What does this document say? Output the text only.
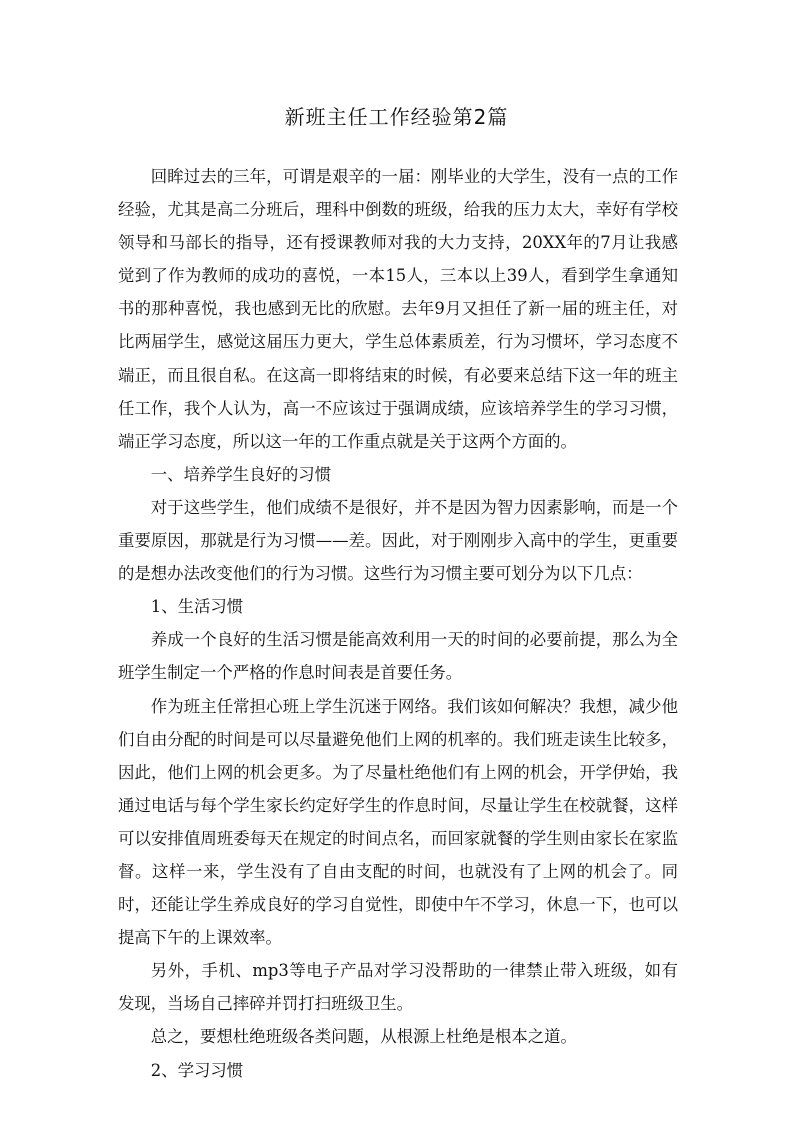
新班主任工作经验第2篇

回眸过去的三年，可谓是艰辛的一届：刚毕业的大学生，没有一点的工作经验，尤其是高二分班后，理科中倒数的班级，给我的压力太大，幸好有学校领导和马部长的指导，还有授课教师对我的大力支持，20XX年的7月让我感觉到了作为教师的成功的喜悦，一本15人，三本以上39人，看到学生拿通知书的那种喜悦，我也感到无比的欣慰。去年9月又担任了新一届的班主任，对比两届学生，感觉这届压力更大，学生总体素质差，行为习惯坏，学习态度不端正，而且很自私。在这高一即将结束的时候，有必要来总结下这一年的班主任工作，我个人认为，高一不应该过于强调成绩，应该培养学生的学习习惯，端正学习态度，所以这一年的工作重点就是关于这两个方面的。

一、培养学生良好的习惯

对于这些学生，他们成绩不是很好，并不是因为智力因素影响，而是一个重要原因，那就是行为习惯——差。因此，对于刚刚步入高中的学生，更重要的是想办法改变他们的行为习惯。这些行为习惯主要可划分为以下几点：

1、生活习惯

养成一个良好的生活习惯是能高效利用一天的时间的必要前提，那么为全班学生制定一个严格的作息时间表是首要任务。

作为班主任常担心班上学生沉迷于网络。我们该如何解决？我想，减少他们自由分配的时间是可以尽量避免他们上网的机率的。我们班走读生比较多，因此，他们上网的机会更多。为了尽量杜绝他们有上网的机会，开学伊始，我通过电话与每个学生家长约定好学生的作息时间，尽量让学生在校就餐，这样可以安排值周班委每天在规定的时间点名，而回家就餐的学生则由家长在家监督。这样一来，学生没有了自由支配的时间，也就没有了上网的机会了。同时，还能让学生养成良好的学习自觉性，即使中午不学习，休息一下，也可以提高下午的上课效率。

另外，手机、mp3等电子产品对学习没帮助的一律禁止带入班级，如有发现，当场自己摔碎并罚打扫班级卫生。

总之，要想杜绝班级各类问题，从根源上杜绝是根本之道。

2、学习习惯
